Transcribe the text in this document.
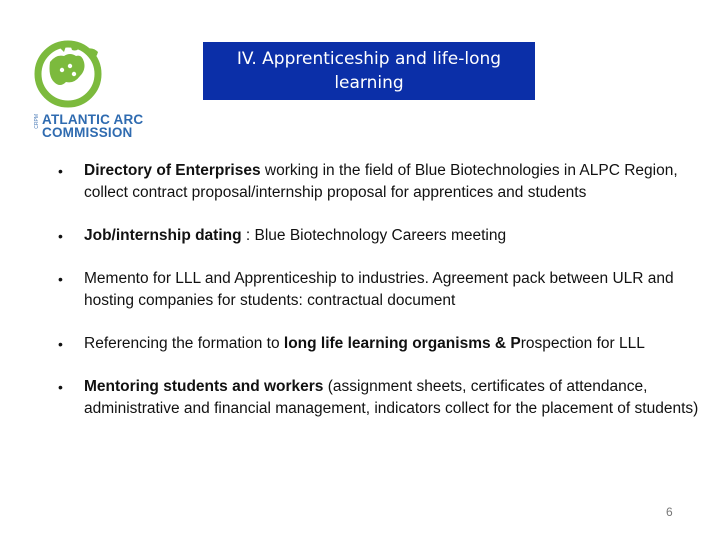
CRPM ATLANTIC ARC
COMMISSION
IV. Apprenticeship and life-long
learning
• Directory of Enterprises working in the field of Blue Biotechnologies in ALPC Region, collect contract proposal/internship proposal for apprentices and students
• Job/internship dating : Blue Biotechnology Careers meeting
• Memento for LLL and Apprenticeship to industries. Agreement pack between ULR and hosting companies for students: contractual document
• Referencing the formation to long life learning organisms & Prospection for LLL
• Mentoring students and workers (assignment sheets, certificates of attendance, administrative and financial management, indicators collect for the placement of students)
6
